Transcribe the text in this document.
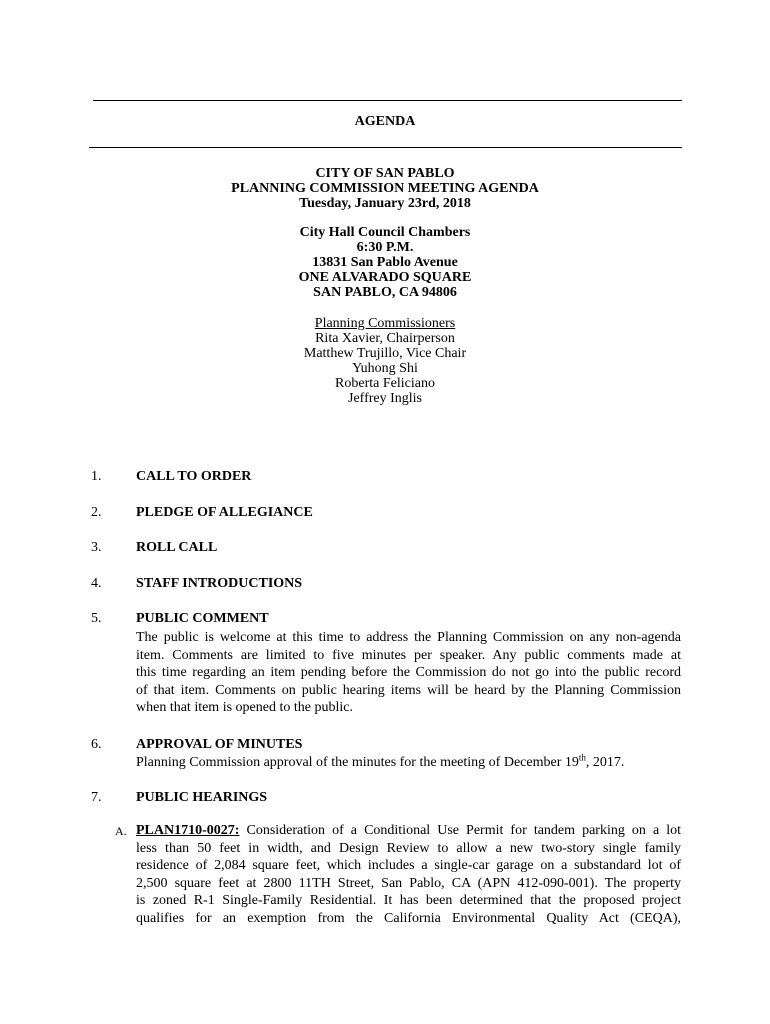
AGENDA
CITY OF SAN PABLO
PLANNING COMMISSION MEETING AGENDA
Tuesday, January 23rd, 2018
City Hall Council Chambers
6:30 P.M.
13831 San Pablo Avenue
ONE ALVARADO SQUARE
SAN PABLO, CA 94806
Planning Commissioners
Rita Xavier, Chairperson
Matthew Trujillo, Vice Chair
Yuhong Shi
Roberta Feliciano
Jeffrey Inglis
1. CALL TO ORDER
2. PLEDGE OF ALLEGIANCE
3. ROLL CALL
4. STAFF INTRODUCTIONS
5. PUBLIC COMMENT
The public is welcome at this time to address the Planning Commission on any non-agenda
item. Comments are limited to five minutes per speaker. Any public comments made at
this time regarding an item pending before the Commission do not go into the public record
of that item. Comments on public hearing items will be heard by the Planning Commission
when that item is opened to the public.
6. APPROVAL OF MINUTES
Planning Commission approval of the minutes for the meeting of December 19th, 2017.
7. PUBLIC HEARINGS
A. PLAN1710-0027: Consideration of a Conditional Use Permit for tandem parking on a lot
less than 50 feet in width, and Design Review to allow a new two-story single family
residence of 2,084 square feet, which includes a single-car garage on a substandard lot of
2,500 square feet at 2800 11TH Street, San Pablo, CA (APN 412-090-001). The property
is zoned R-1 Single-Family Residential. It has been determined that the proposed project
qualifies for an exemption from the California Environmental Quality Act (CEQA),
